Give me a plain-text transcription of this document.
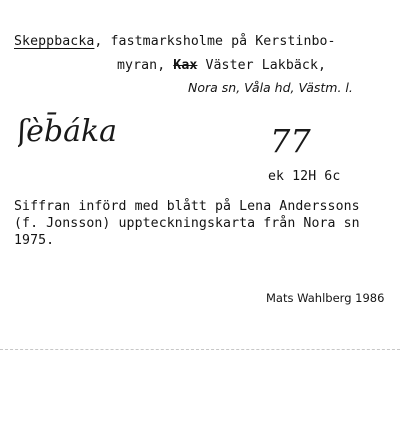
Skeppbacka, fastmarksholme på Kerstinbo-
myran, Kax Väster Lakbäck,
Nora sn, Våla hd, Västm. l.
ʃèb̄áka	77
ek 12H 6c
Siffran införd med blått på Lena Anderssons
(f. Jonsson) uppteckningskarta från Nora sn
1975.
Mats Wahlberg 1986
